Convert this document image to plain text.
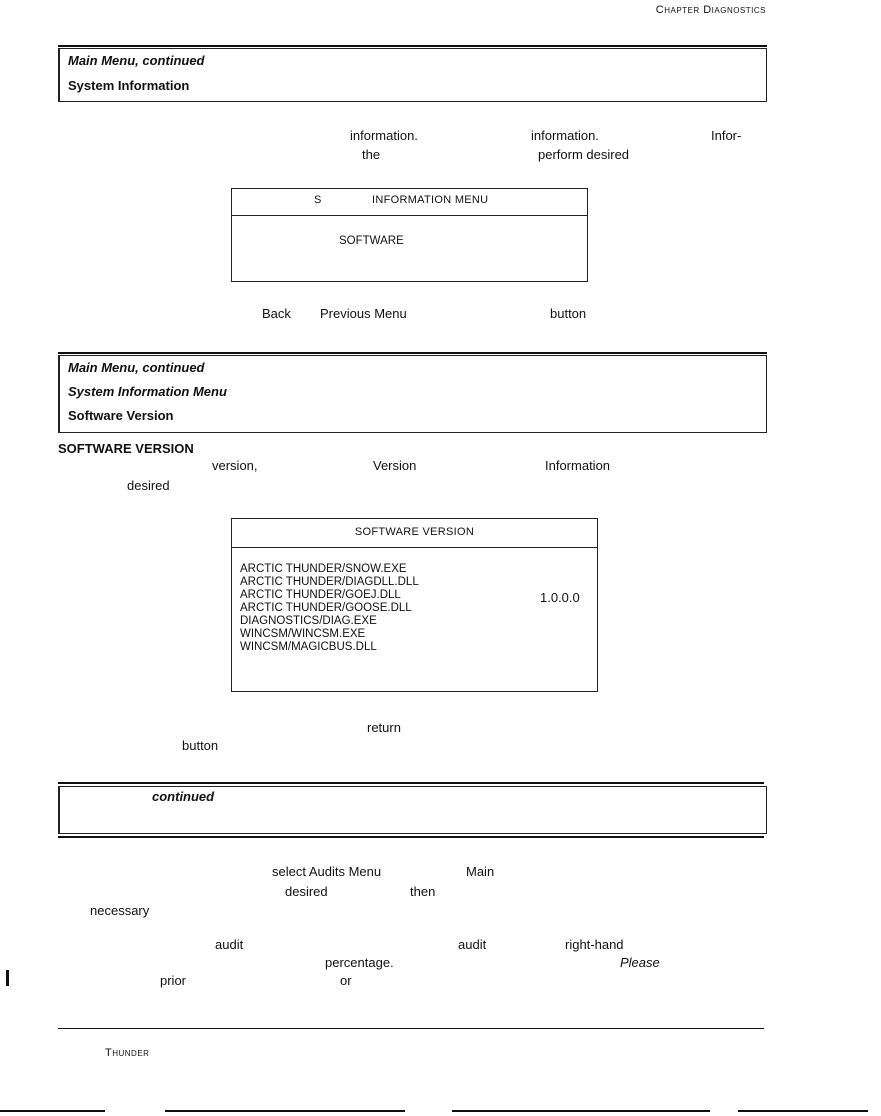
Chapter Diagnostics
Main Menu, continued
System Information
information.	information.	Infor-
the	perform desired
S	INFORMATION MENU
SOFTWARE
Back Previous Menu	button
Main Menu, continued
System Information Menu
Software Version
SOFTWARE VERSION
version,	Version	Information
desired
SOFTWARE VERSION
ARCTIC THUNDER/SNOW.EXE
ARCTIC THUNDER/DIAGDLL.DLL
ARCTIC THUNDER/GOEJ.DLL
ARCTIC THUNDER/GOOSE.DLL
DIAGNOSTICS/DIAG.EXE
WINCSM/WINCSM.EXE
WINCSM/MAGICBUS.DLL
1.0.0.0
return
button
continued
select Audits Menu	Main
desired	then
necessary
audit	audit	right-hand
percentage.	Please
prior	or
Thunder
